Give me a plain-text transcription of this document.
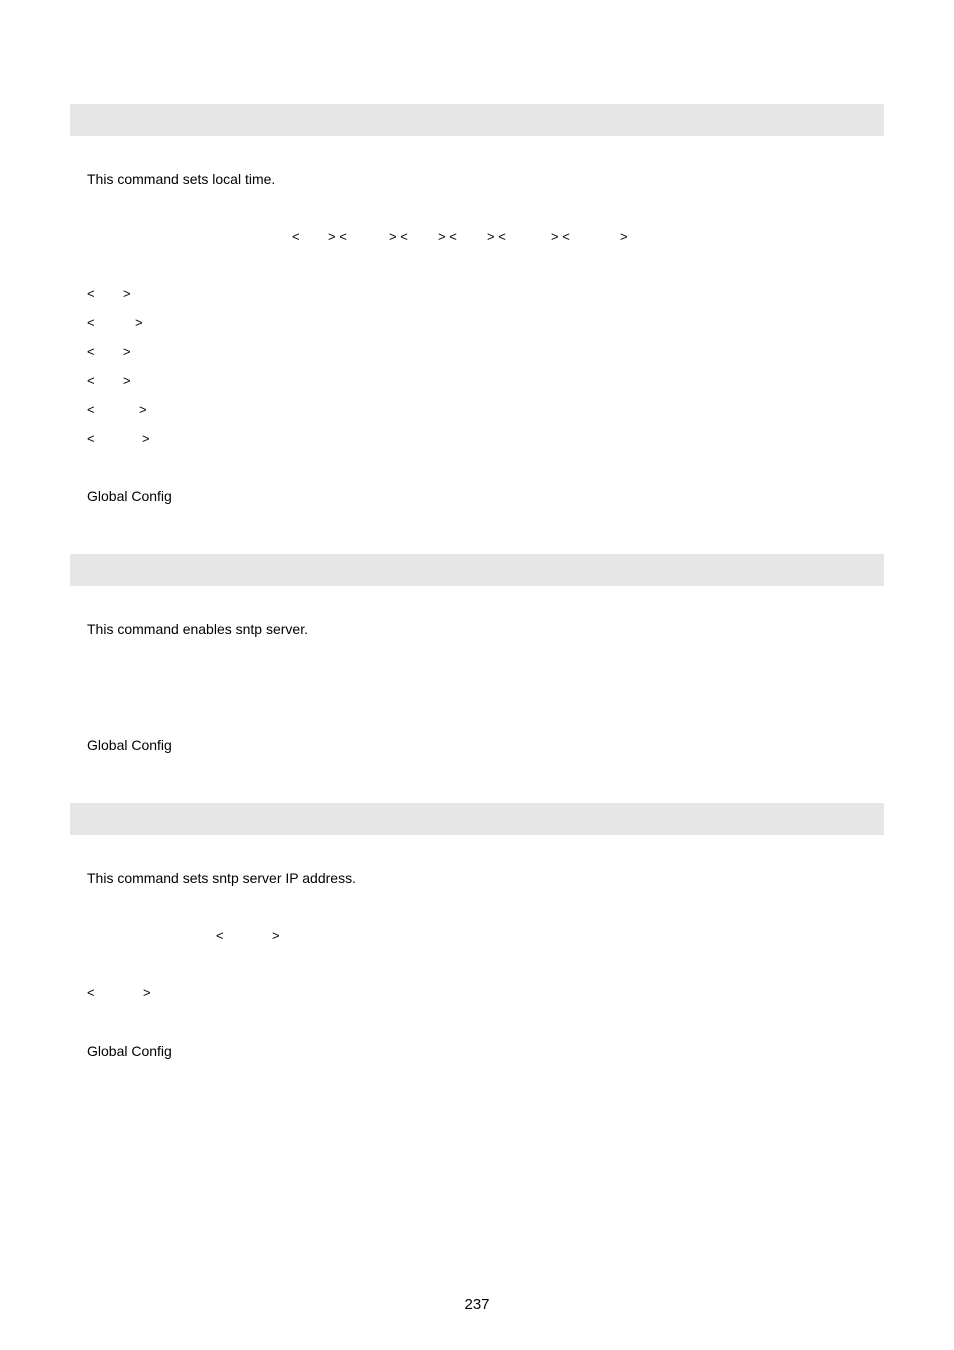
This command sets local time.
< > <	> < > < > <	> <	>
< >
<	>
< >
< >
<	>
<	>
Global Config
This command enables sntp server.
Global Config
This command sets sntp server IP address.
<	>
<	>
Global Config
237
